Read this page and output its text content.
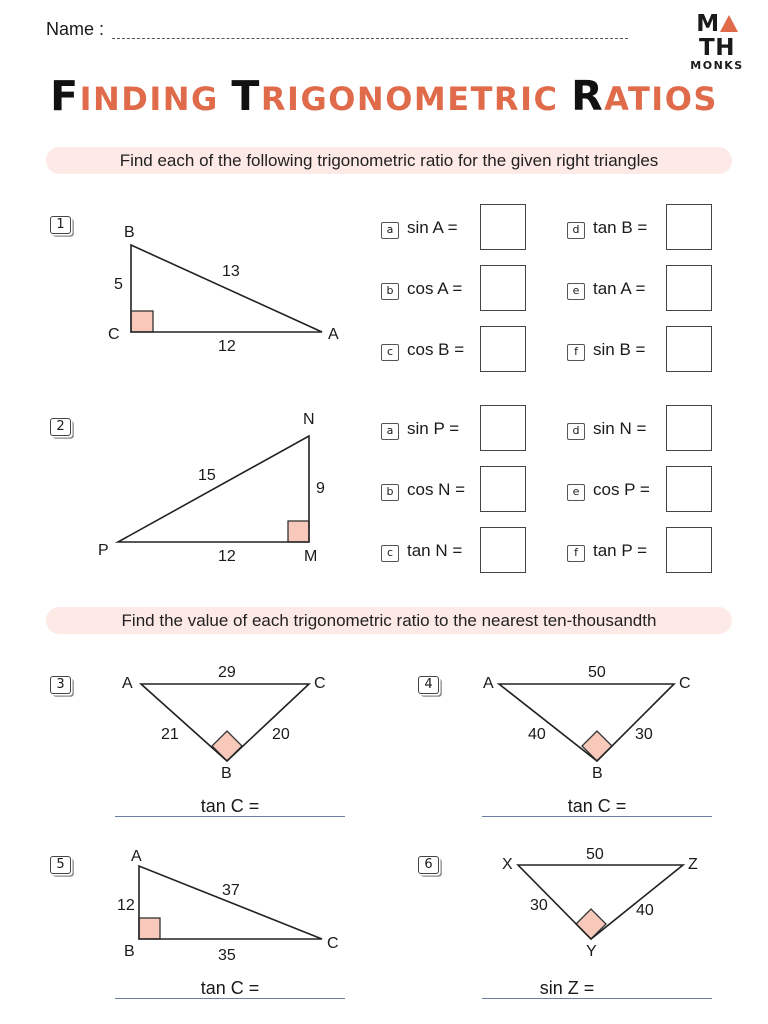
Name :	MTH
MONKS
FINDING TRIGONOMETRIC RATIOS
Find each of the following trigonometric ratio for the given right triangles
1	B
C	A
5
13
12
a sin A =	d tan B =
b cos A =	e tan A =
c cos B =	f sin B =
2	N
P	M
15
9
12
a sin P =	d sin N =
b cos N =	e cos P =
c tan N =	f tan P =
Find the value of each trigonometric ratio to the nearest ten-thousandth
3	A	C
B
29
21	20
tan C =
4	A	C
B
50
40	30
tan C =
5	A
B	C
12
37
35
tan C =
6	X	Z
Y
50
30	40
sin Z =
